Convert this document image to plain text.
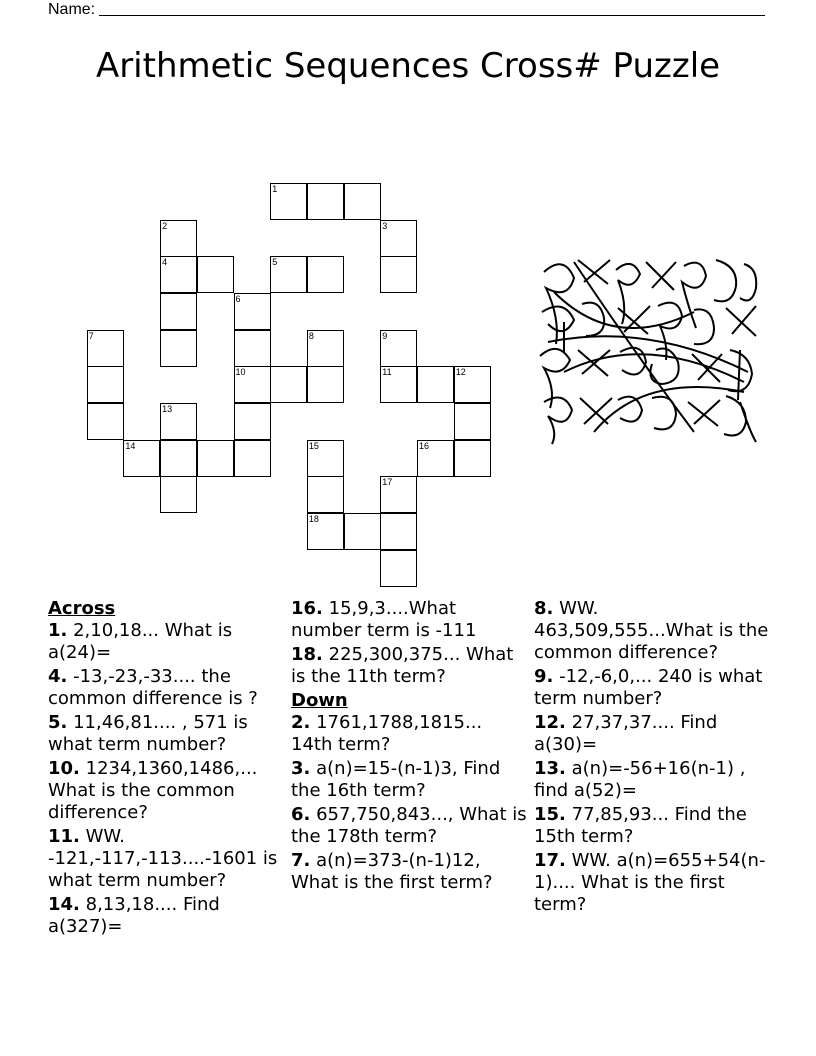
Name:
Arithmetic Sequences Cross# Puzzle
1
2	3
4	5
6
7	8	9
10	11	12
13
14	15	16
17
18
Across
1. 2,10,18... What is a(24)=
4. -13,-23,-33.... the common difference is ?
5. 11,46,81.... , 571 is what term number?
10. 1234,1360,1486,... What is the common difference?
11. WW. -121,-117,-113....-1601 is what term number?
14. 8,13,18.... Find a(327)=
16. 15,9,3....What number term is -111
18. 225,300,375... What is the 11th term?
Down
2. 1761,1788,1815... 14th term?
3. a(n)=15-(n-1)3, Find the 16th term?
6. 657,750,843..., What is the 178th term?
7. a(n)=373-(n-1)12, What is the first term?
8. WW. 463,509,555...What is the common difference?
9. -12,-6,0,... 240 is what term number?
12. 27,37,37.... Find a(30)=
13. a(n)=-56+16(n-1) , find a(52)=
15. 77,85,93... Find the 15th term?
17. WW. a(n)=655+54(n-1).... What is the first term?
